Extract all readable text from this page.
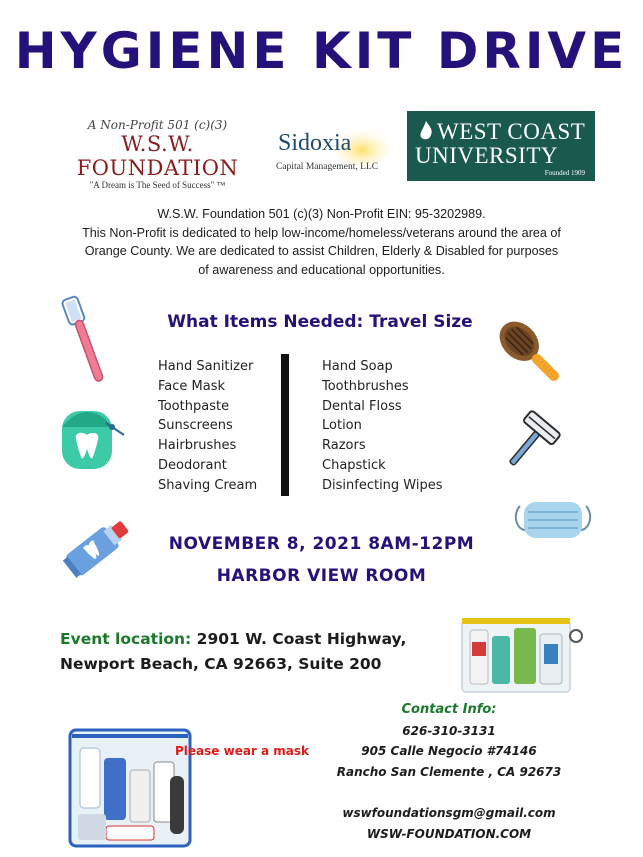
HYGIENE KIT DRIVE
A Non-Profit 501 (c)(3)
W.S.W. FOUNDATION
"A Dream is The Seed of Success" ™
Sidoxia
Capital Management, LLC
WEST COAST
UNIVERSITY
Founded 1909
W.S.W. Foundation 501 (c)(3) Non-Profit EIN: 95-3202989.
This Non-Profit is dedicated to help low-income/homeless/veterans around the area of
Orange County. We are dedicated to assist Children, Elderly & Disabled for purposes
of awareness and educational opportunities.
What Items Needed: Travel Size
Hand Sanitizer
Face Mask
Toothpaste
Sunscreens
Hairbrushes
Deodorant
Shaving Cream
Hand Soap
Toothbrushes
Dental Floss
Lotion
Razors
Chapstick
Disinfecting Wipes
NOVEMBER 8, 2021 8AM-12PM
HARBOR VIEW ROOM
Event location: 2901 W. Coast Highway,
Newport Beach, CA 92663, Suite 200
Please wear a mask
Contact Info:
626-310-3131
905 Calle Negocio #74146
Rancho San Clemente , CA 92673
wswfoundationsgm@gmail.com
WSW-FOUNDATION.COM
